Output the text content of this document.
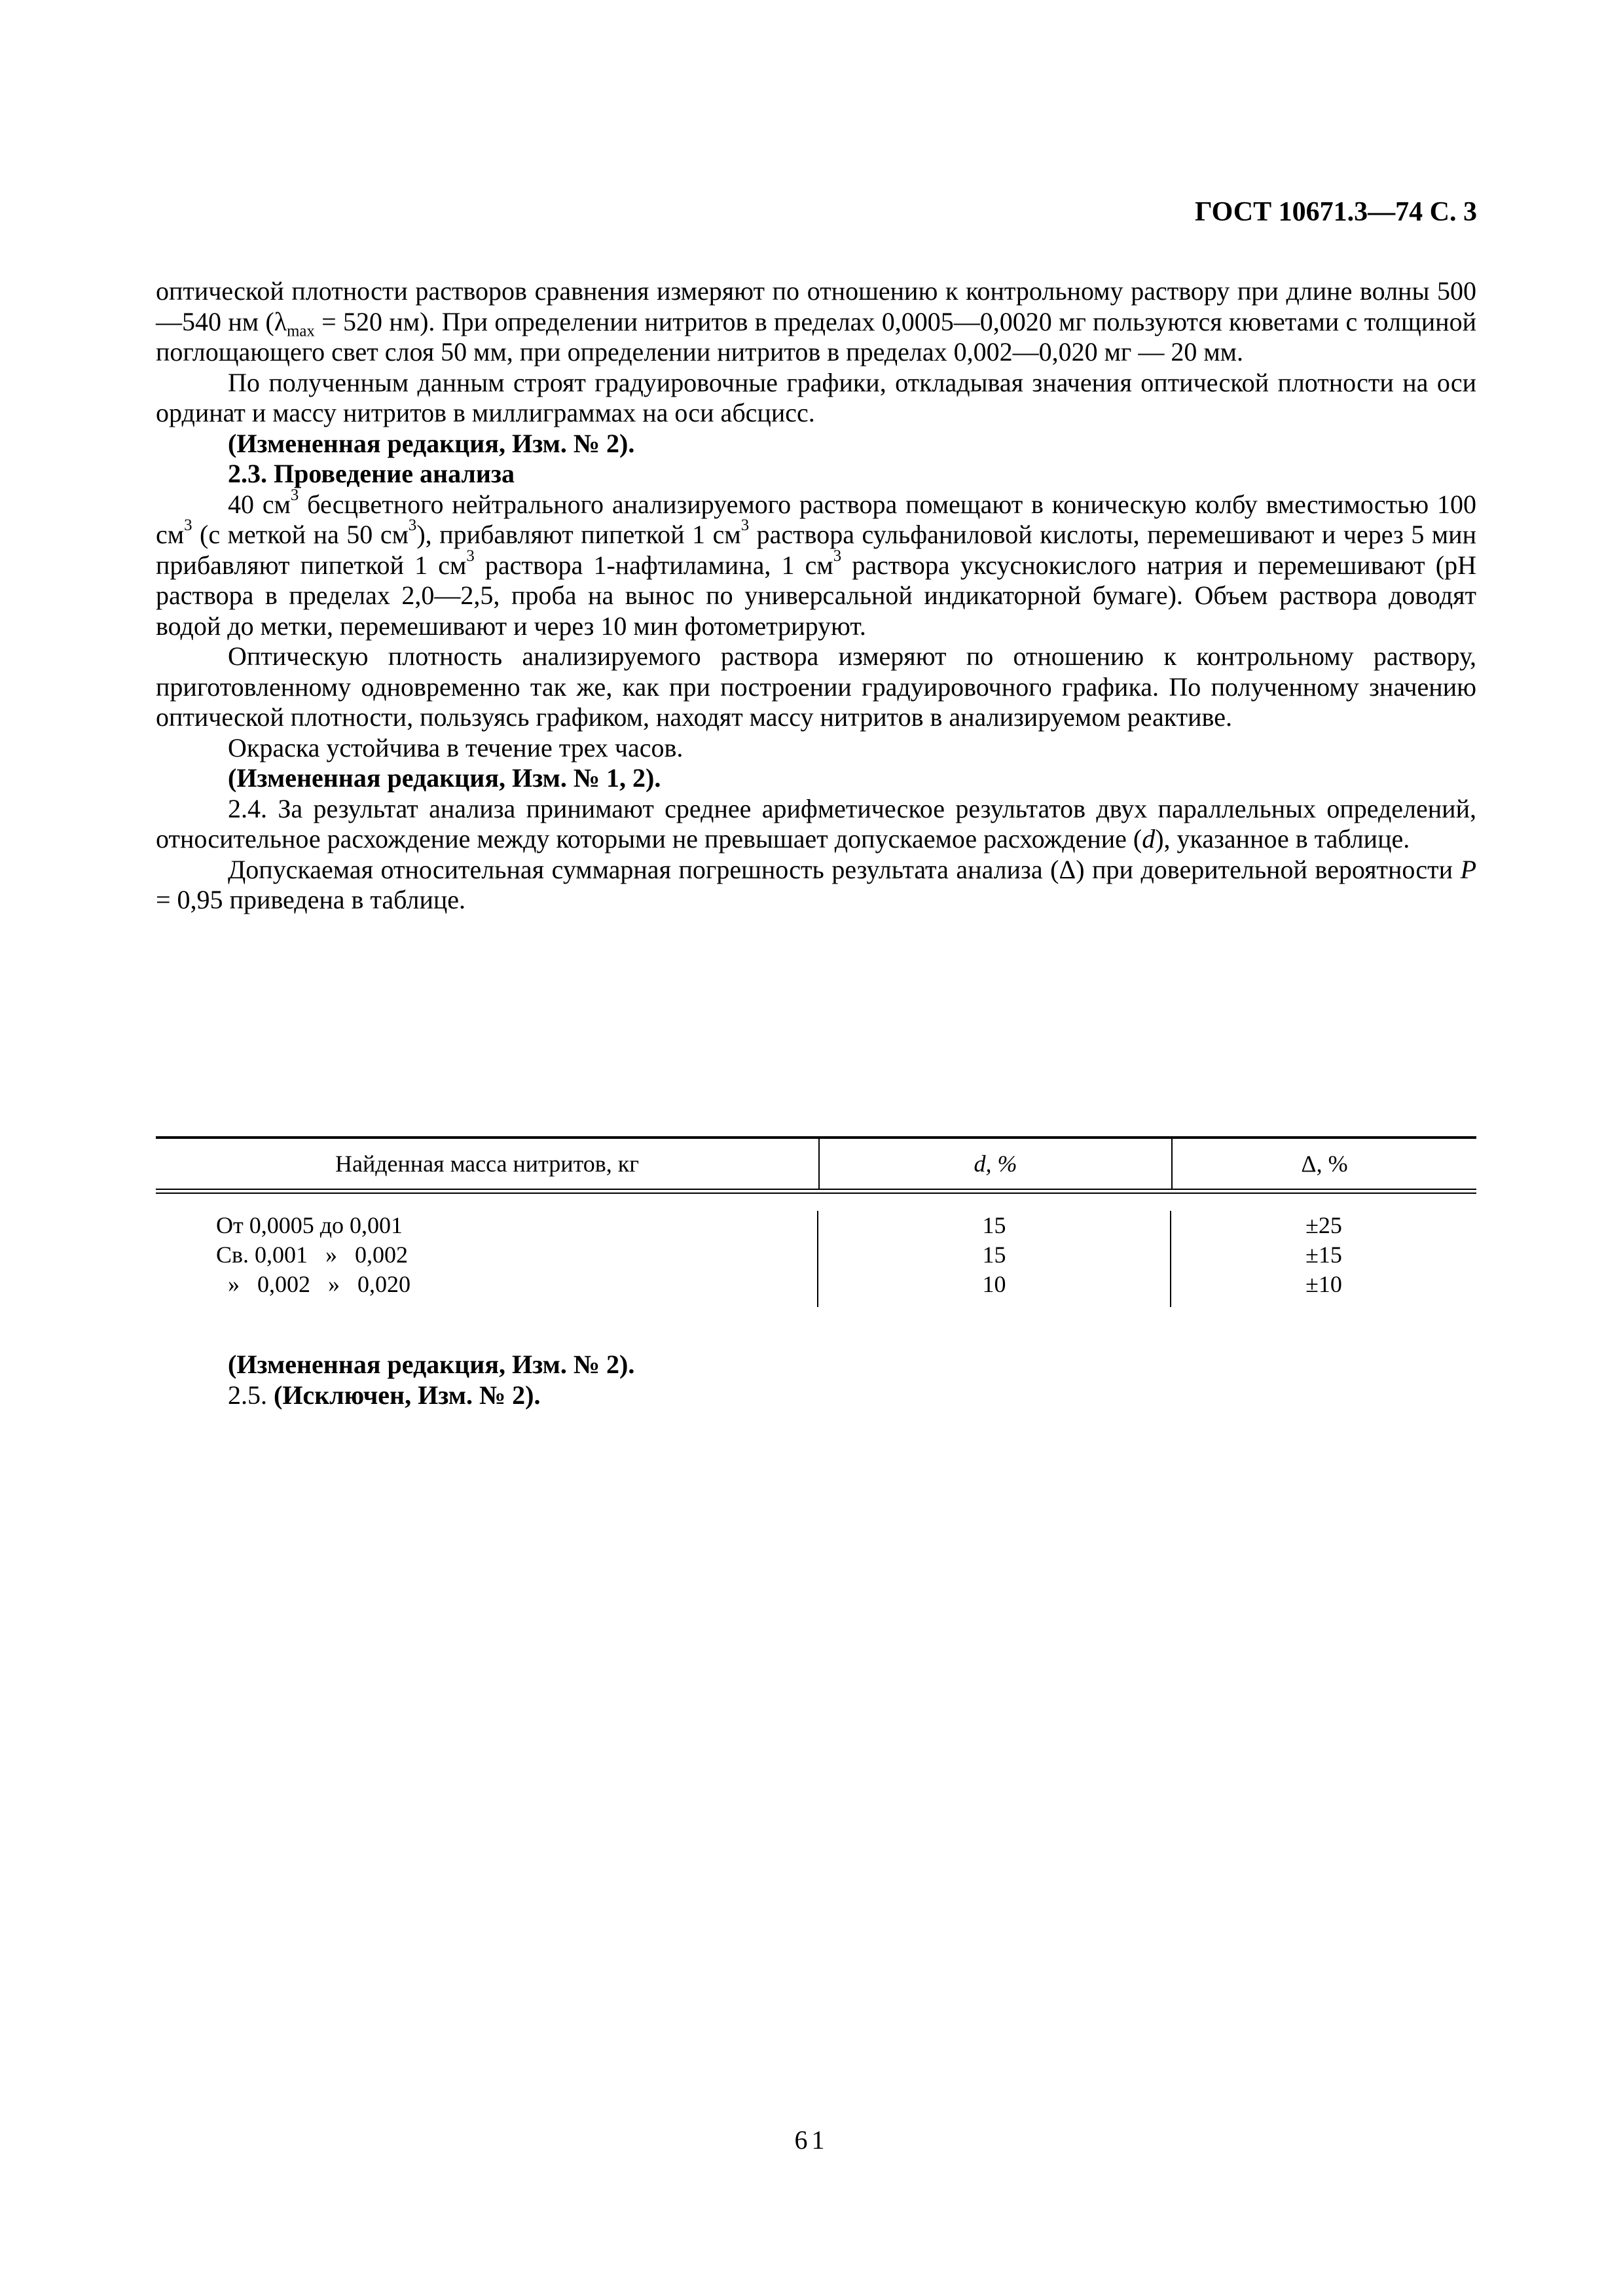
ГОСТ 10671.3—74 С. 3

оптической плотности растворов сравнения измеряют по отношению к контрольному раствору при длине волны 500—540 нм ($\lambda_{max} = 520$ нм). При определении нитритов в пределах 0,0005—0,0020 мг пользуются кюветами с толщиной поглощающего свет слоя 50 мм, при определении нитритов в пределах 0,002—0,020 мг — 20 мм.

По полученным данным строят градуировочные графики, откладывая значения оптической плотности на оси ординат и массу нитритов в миллиграммах на оси абсцисс.

(Измененная редакция, Изм. № 2).

2.3. Проведение анализа

40 $см^3$ бесцветного нейтрального анализируемого раствора помещают в коническую колбу вместимостью 100 $см^3$ (с меткой на 50 $см^3$), прибавляют пипеткой 1 $см^3$ раствора сульфаниловой кислоты, перемешивают и через 5 мин прибавляют пипеткой 1 $см^3$ раствора 1-нафтиламина, 1 $см^3$ раствора уксуснокислого натрия и перемешивают (рН раствора в пределах 2,0—2,5, проба на вынос по универсальной индикаторной бумаге). Объем раствора доводят водой до метки, перемешивают и через 10 мин фотометрируют.

Оптическую плотность анализируемого раствора измеряют по отношению к контрольному раствору, приготовленному одновременно так же, как при построении градуировочного графика. По полученному значению оптической плотности, пользуясь графиком, находят массу нитритов в анализируемом реактиве.

Окраска устойчива в течение трех часов.

(Измененная редакция, Изм. № 1, 2).

2.4. За результат анализа принимают среднее арифметическое результатов двух параллельных определений, относительное расхождение между которыми не превышает допускаемое расхождение (d), указанное в таблице.

Допускаемая относительная суммарная погрешность результата анализа (Δ) при доверительной вероятности P = 0,95 приведена в таблице.

Найденная масса нитритов, кг	d, %	Δ, %
От 0,0005 до 0,001
Св. 0,001   »   0,002
»   0,002   »   0,020
15
15
10
±25
±15
±10

(Измененная редакция, Изм. № 2).

2.5. (Исключен, Изм. № 2).

61
